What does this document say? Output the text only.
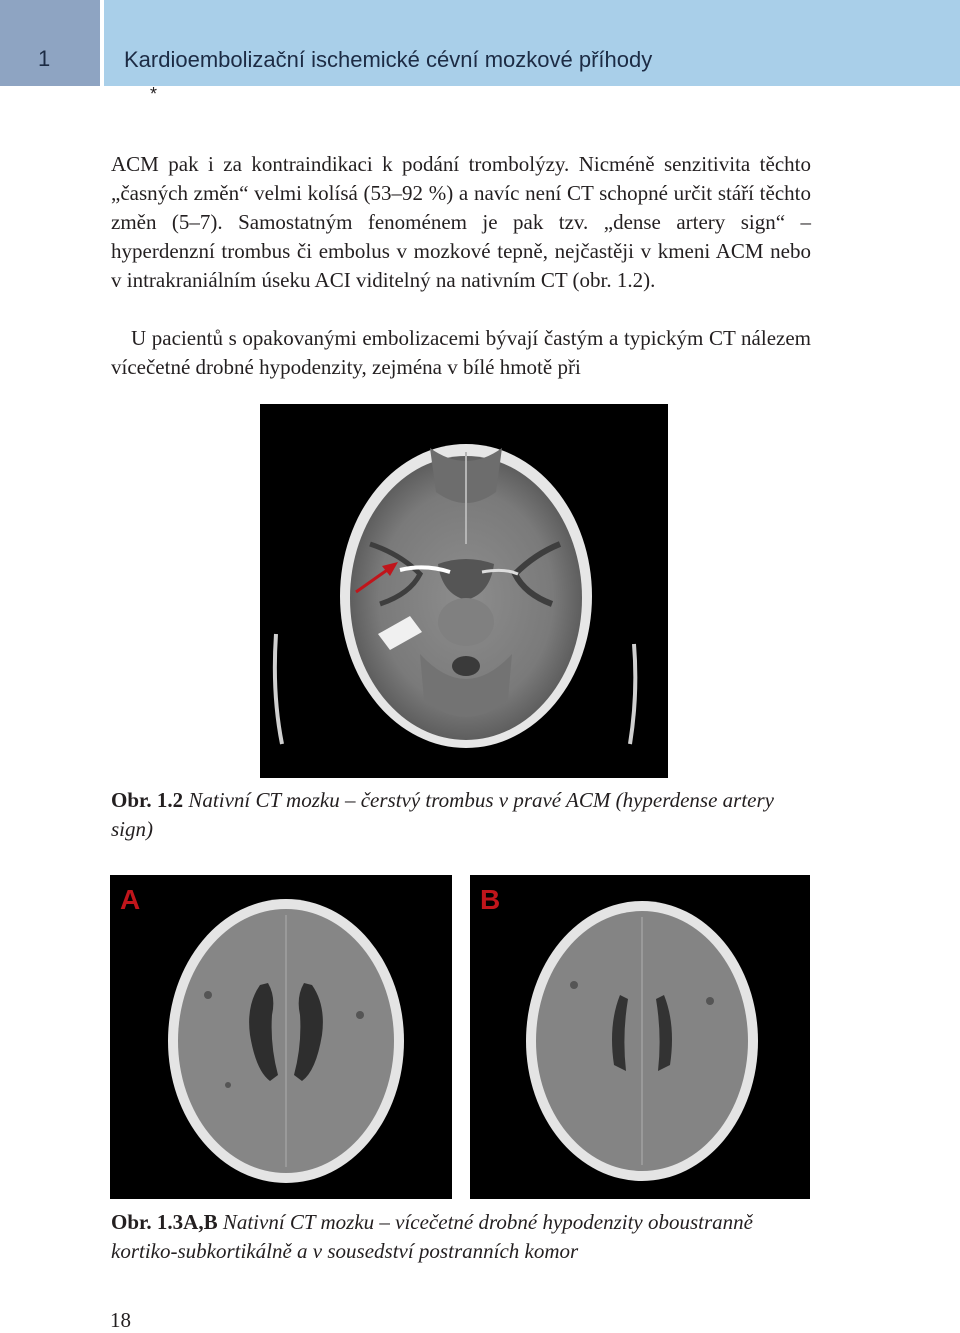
1	Kardioembolizační ischemické cévní mozkové příhody
*

ACM pak i za kontraindikaci k podání trombolýzy. Nicméně senzitivita těchto „časných změn“ velmi kolísá (53–92 %) a navíc není CT schopné určit stáří těchto změn (5–7). Samostatným fenoménem je pak tzv. „dense artery sign“ – hyperdenzní trombus či embolus v mozkové tepně, nejčastěji v kmeni ACM nebo v intrakraniálním úseku ACI viditelný na nativním CT (obr. 1.2).

U pacientů s opakovanými embolizacemi bývají častým a typickým CT nálezem vícečetné drobné hypodenzity, zejména v bílé hmotě při

Obr. 1.2 Nativní CT mozku – čerstvý trombus v pravé ACM (hyperdense artery sign)

A	B

Obr. 1.3A,B Nativní CT mozku – vícečetné drobné hypodenzity oboustranně kortiko-subkortikálně a v sousedství postranních komor

18
